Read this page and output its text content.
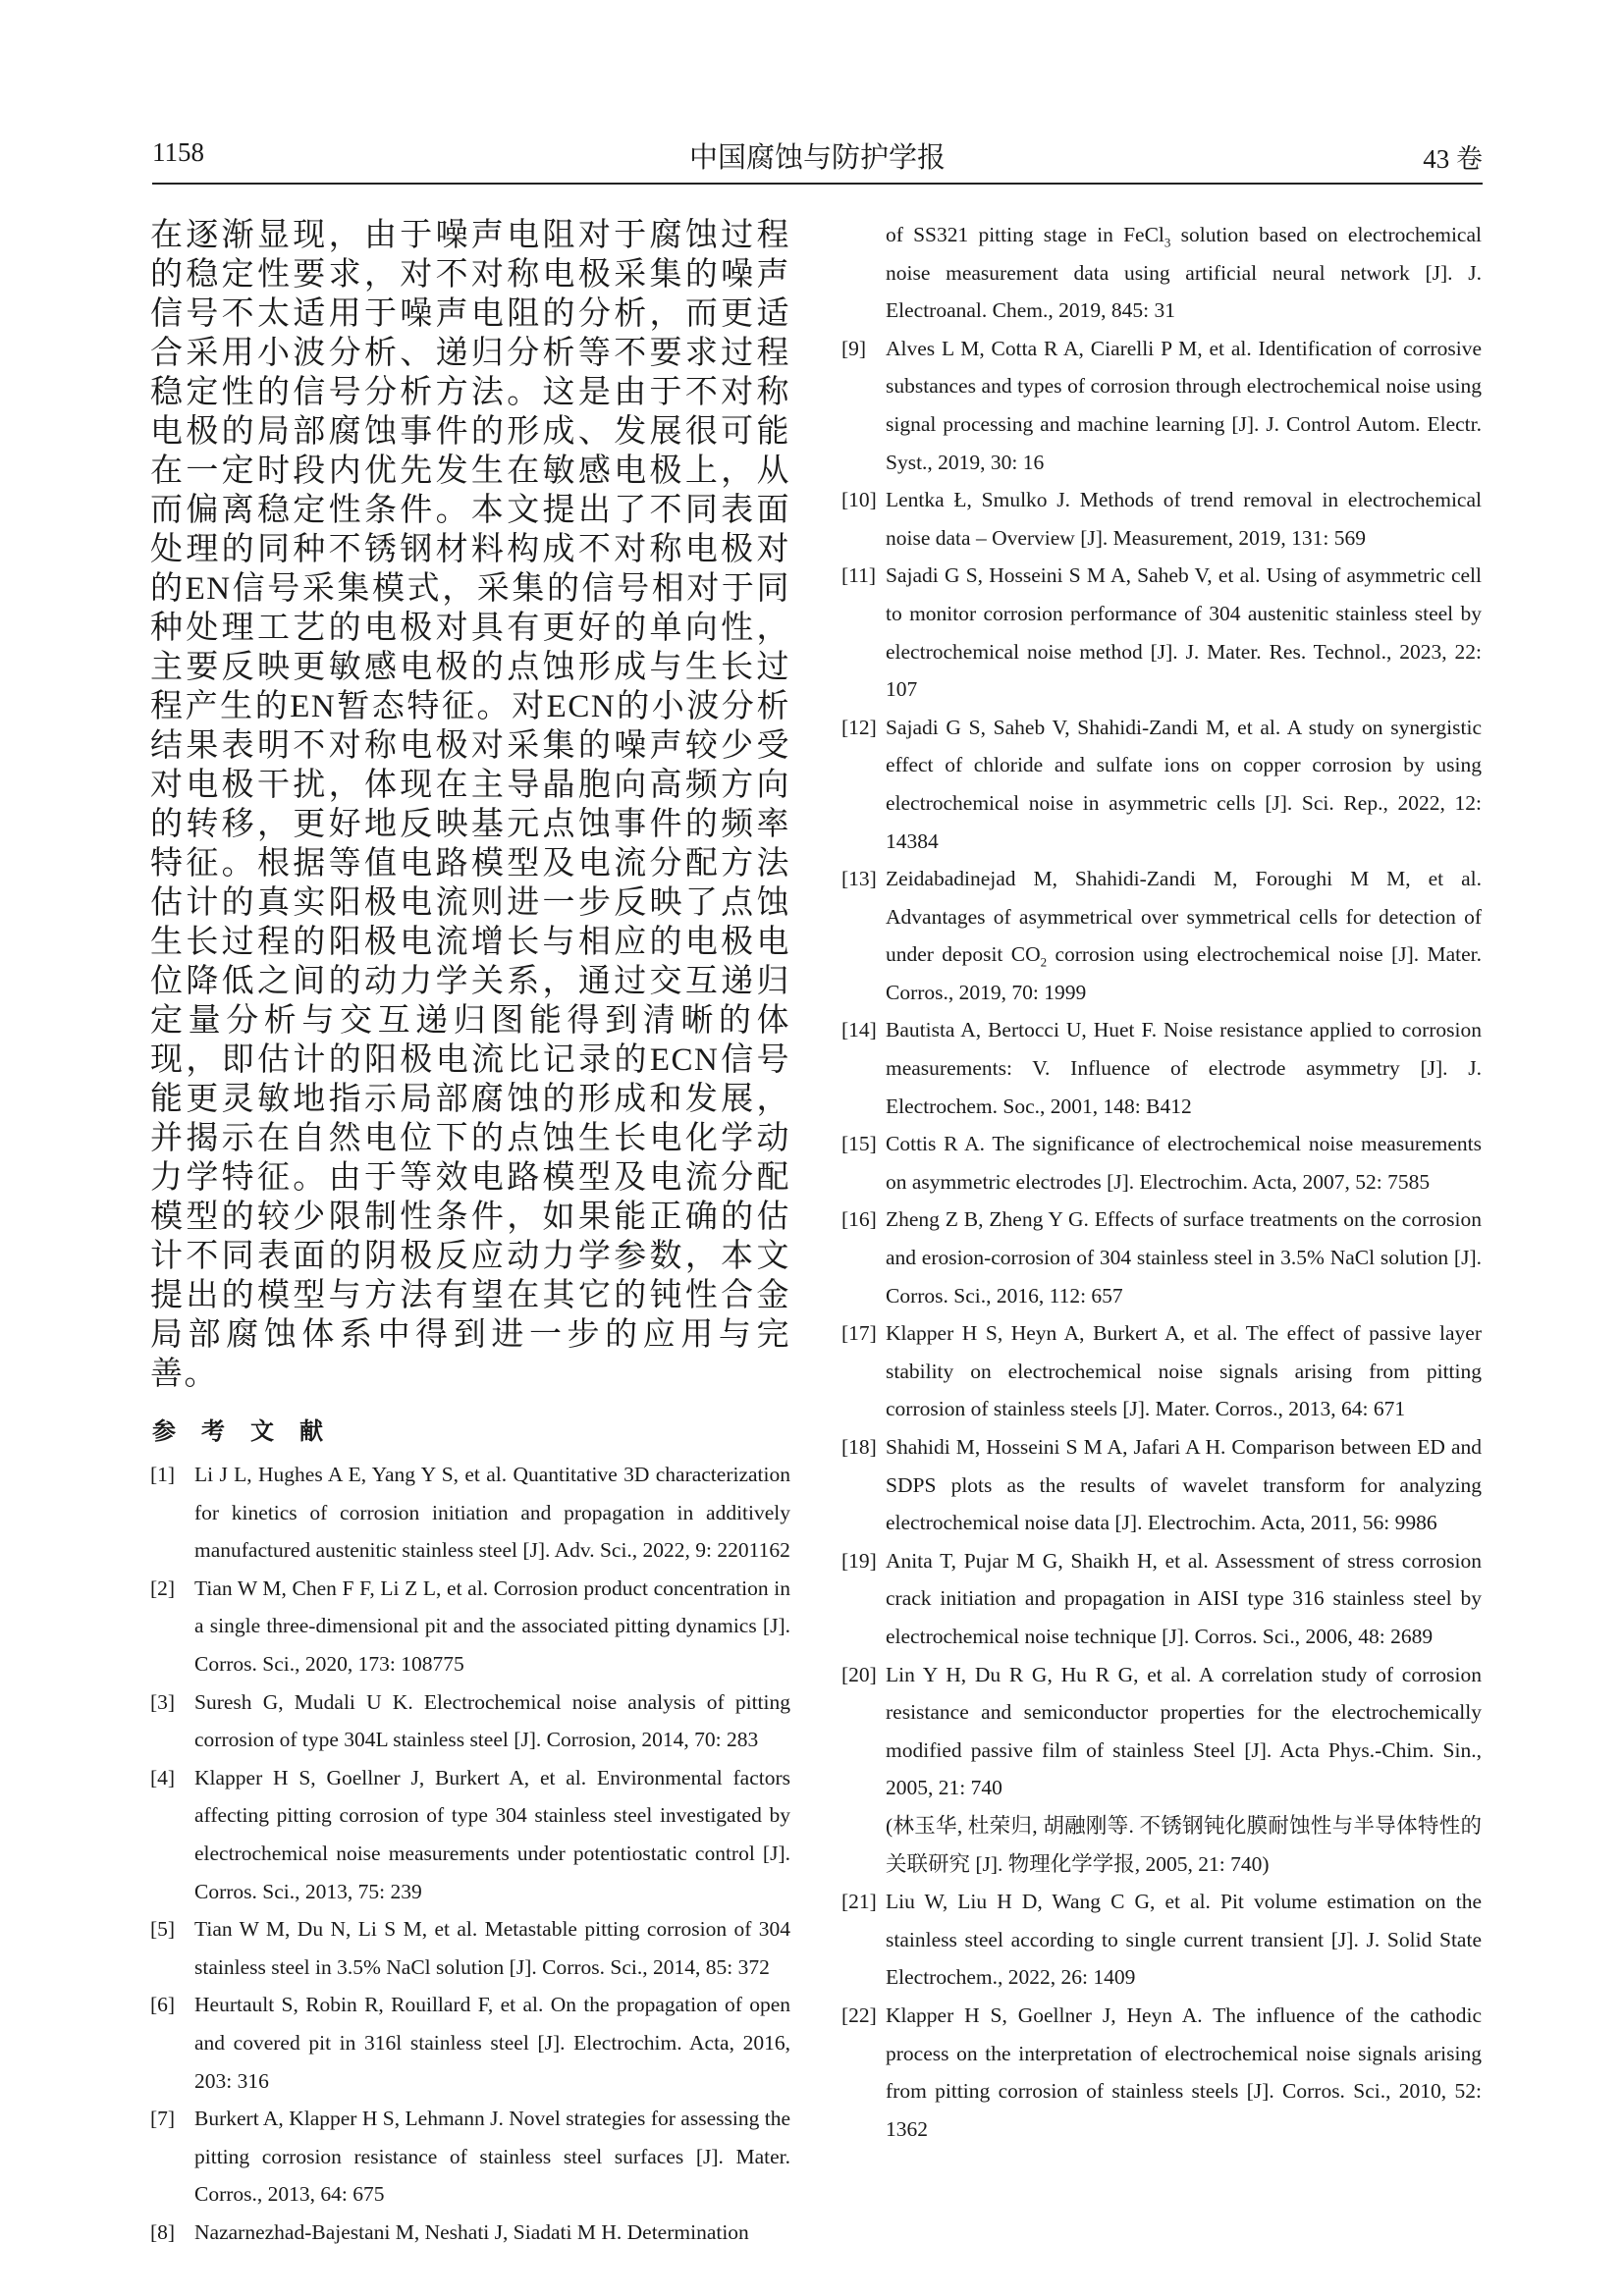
1158	中国腐蚀与防护学报	43 卷

在逐渐显现，由于噪声电阻对于腐蚀过程的稳定性要求，对不对称电极采集的噪声信号不太适用于噪声电阻的分析，而更适合采用小波分析、递归分析等不要求过程稳定性的信号分析方法。这是由于不对称电极的局部腐蚀事件的形成、发展很可能在一定时段内优先发生在敏感电极上，从而偏离稳定性条件。本文提出了不同表面处理的同种不锈钢材料构成不对称电极对的EN信号采集模式，采集的信号相对于同种处理工艺的电极对具有更好的单向性，主要反映更敏感电极的点蚀形成与生长过程产生的EN暂态特征。对ECN的小波分析结果表明不对称电极对采集的噪声较少受对电极干扰，体现在主导晶胞向高频方向的转移，更好地反映基元点蚀事件的频率特征。根据等值电路模型及电流分配方法估计的真实阳极电流则进一步反映了点蚀生长过程的阳极电流增长与相应的电极电位降低之间的动力学关系，通过交互递归定量分析与交互递归图能得到清晰的体现，即估计的阳极电流比记录的ECN信号能更灵敏地指示局部腐蚀的形成和发展，并揭示在自然电位下的点蚀生长电化学动力学特征。由于等效电路模型及电流分配模型的较少限制性条件，如果能正确的估计不同表面的阴极反应动力学参数，本文提出的模型与方法有望在其它的钝性合金局部腐蚀体系中得到进一步的应用与完善。

参 考 文 献

[1] Li J L, Hughes A E, Yang Y S, et al. Quantitative 3D characterization for kinetics of corrosion initiation and propagation in additively manufactured austenitic stainless steel [J]. Adv. Sci., 2022, 9: 2201162

[2] Tian W M, Chen F F, Li Z L, et al. Corrosion product concentration in a single three-dimensional pit and the associated pitting dynamics [J]. Corros. Sci., 2020, 173: 108775

[3] Suresh G, Mudali U K. Electrochemical noise analysis of pitting corrosion of type 304L stainless steel [J]. Corrosion, 2014, 70: 283

[4] Klapper H S, Goellner J, Burkert A, et al. Environmental factors affecting pitting corrosion of type 304 stainless steel investigated by electrochemical noise measurements under potentiostatic control [J]. Corros. Sci., 2013, 75: 239

[5] Tian W M, Du N, Li S M, et al. Metastable pitting corrosion of 304 stainless steel in 3.5% NaCl solution [J]. Corros. Sci., 2014, 85: 372

[6] Heurtault S, Robin R, Rouillard F, et al. On the propagation of open and covered pit in 316l stainless steel [J]. Electrochim. Acta, 2016, 203: 316

[7] Burkert A, Klapper H S, Lehmann J. Novel strategies for assessing the pitting corrosion resistance of stainless steel surfaces [J]. Mater. Corros., 2013, 64: 675

[8] Nazarnezhad-Bajestani M, Neshati J, Siadati M H. Determination

of SS321 pitting stage in FeCl$_3$ solution based on electrochemical noise measurement data using artificial neural network [J]. J. Electroanal. Chem., 2019, 845: 31

[9] Alves L M, Cotta R A, Ciarelli P M, et al. Identification of corrosive substances and types of corrosion through electrochemical noise using signal processing and machine learning [J]. J. Control Autom. Electr. Syst., 2019, 30: 16

[10] Lentka Ł, Smulko J. Methods of trend removal in electrochemical noise data – Overview [J]. Measurement, 2019, 131: 569

[11] Sajadi G S, Hosseini S M A, Saheb V, et al. Using of asymmetric cell to monitor corrosion performance of 304 austenitic stainless steel by electrochemical noise method [J]. J. Mater. Res. Technol., 2023, 22: 107

[12] Sajadi G S, Saheb V, Shahidi-Zandi M, et al. A study on synergistic effect of chloride and sulfate ions on copper corrosion by using electrochemical noise in asymmetric cells [J]. Sci. Rep., 2022, 12: 14384

[13] Zeidabadinejad M, Shahidi-Zandi M, Foroughi M M, et al. Advantages of asymmetrical over symmetrical cells for detection of under deposit $CO_2$ corrosion using electrochemical noise [J]. Mater. Corros., 2019, 70: 1999

[14] Bautista A, Bertocci U, Huet F. Noise resistance applied to corrosion measurements: V. Influence of electrode asymmetry [J]. J. Electrochem. Soc., 2001, 148: B412

[15] Cottis R A. The significance of electrochemical noise measurements on asymmetric electrodes [J]. Electrochim. Acta, 2007, 52: 7585

[16] Zheng Z B, Zheng Y G. Effects of surface treatments on the corrosion and erosion-corrosion of 304 stainless steel in 3.5% NaCl solution [J]. Corros. Sci., 2016, 112: 657

[17] Klapper H S, Heyn A, Burkert A, et al. The effect of passive layer stability on electrochemical noise signals arising from pitting corrosion of stainless steels [J]. Mater. Corros., 2013, 64: 671

[18] Shahidi M, Hosseini S M A, Jafari A H. Comparison between ED and SDPS plots as the results of wavelet transform for analyzing electrochemical noise data [J]. Electrochim. Acta, 2011, 56: 9986

[19] Anita T, Pujar M G, Shaikh H, et al. Assessment of stress corrosion crack initiation and propagation in AISI type 316 stainless steel by electrochemical noise technique [J]. Corros. Sci., 2006, 48: 2689

[20] Lin Y H, Du R G, Hu R G, et al. A correlation study of corrosion resistance and semiconductor properties for the electrochemically modified passive film of stainless Steel [J]. Acta Phys.-Chim. Sin., 2005, 21: 740
(林玉华, 杜荣归, 胡融刚等. 不锈钢钝化膜耐蚀性与半导体特性的关联研究 [J]. 物理化学学报, 2005, 21: 740)

[21] Liu W, Liu H D, Wang C G, et al. Pit volume estimation on the stainless steel according to single current transient [J]. J. Solid State Electrochem., 2022, 26: 1409

[22] Klapper H S, Goellner J, Heyn A. The influence of the cathodic process on the interpretation of electrochemical noise signals arising from pitting corrosion of stainless steels [J]. Corros. Sci., 2010, 52: 1362
